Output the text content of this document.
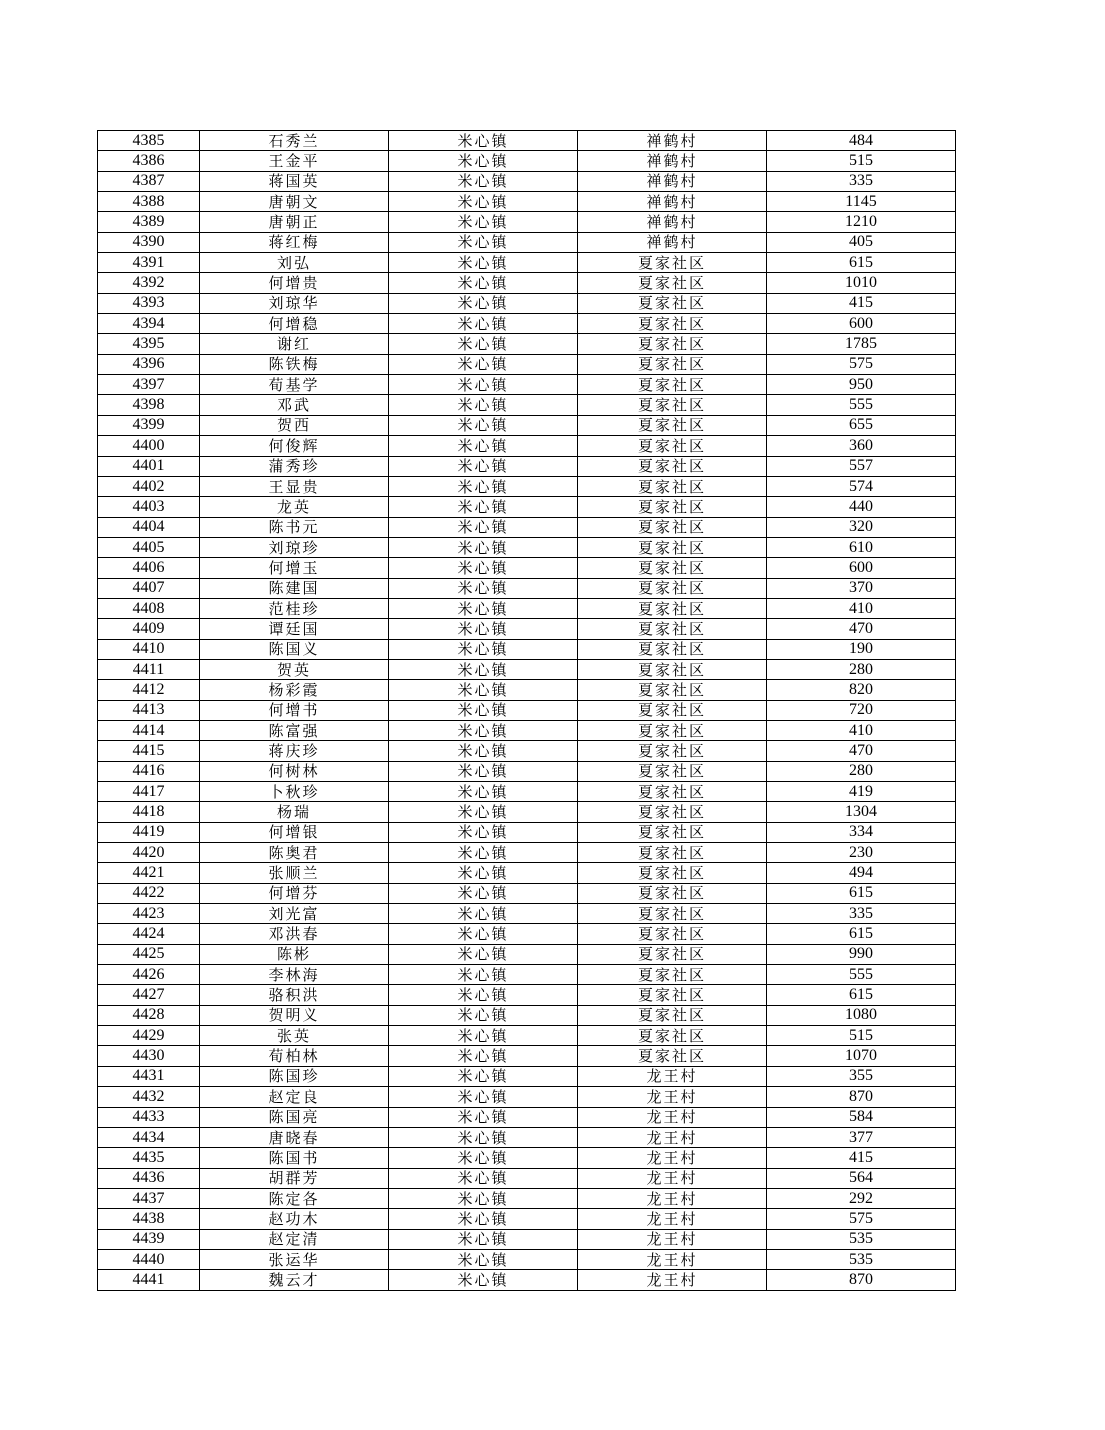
4385	石秀兰	米心镇	禅鹤村	484
4386	王金平	米心镇	禅鹤村	515
4387	蒋国英	米心镇	禅鹤村	335
4388	唐朝文	米心镇	禅鹤村	1145
4389	唐朝正	米心镇	禅鹤村	1210
4390	蒋红梅	米心镇	禅鹤村	405
4391	刘弘	米心镇	夏家社区	615
4392	何增贵	米心镇	夏家社区	1010
4393	刘琼华	米心镇	夏家社区	415
4394	何增稳	米心镇	夏家社区	600
4395	谢红	米心镇	夏家社区	1785
4396	陈铁梅	米心镇	夏家社区	575
4397	荀基学	米心镇	夏家社区	950
4398	邓武	米心镇	夏家社区	555
4399	贺西	米心镇	夏家社区	655
4400	何俊辉	米心镇	夏家社区	360
4401	蒲秀珍	米心镇	夏家社区	557
4402	王显贵	米心镇	夏家社区	574
4403	龙英	米心镇	夏家社区	440
4404	陈书元	米心镇	夏家社区	320
4405	刘琼珍	米心镇	夏家社区	610
4406	何增玉	米心镇	夏家社区	600
4407	陈建国	米心镇	夏家社区	370
4408	范桂珍	米心镇	夏家社区	410
4409	谭廷国	米心镇	夏家社区	470
4410	陈国义	米心镇	夏家社区	190
4411	贺英	米心镇	夏家社区	280
4412	杨彩霞	米心镇	夏家社区	820
4413	何增书	米心镇	夏家社区	720
4414	陈富强	米心镇	夏家社区	410
4415	蒋庆珍	米心镇	夏家社区	470
4416	何树林	米心镇	夏家社区	280
4417	卜秋珍	米心镇	夏家社区	419
4418	杨瑞	米心镇	夏家社区	1304
4419	何增银	米心镇	夏家社区	334
4420	陈奥君	米心镇	夏家社区	230
4421	张顺兰	米心镇	夏家社区	494
4422	何增芬	米心镇	夏家社区	615
4423	刘光富	米心镇	夏家社区	335
4424	邓洪春	米心镇	夏家社区	615
4425	陈彬	米心镇	夏家社区	990
4426	李林海	米心镇	夏家社区	555
4427	骆积洪	米心镇	夏家社区	615
4428	贺明义	米心镇	夏家社区	1080
4429	张英	米心镇	夏家社区	515
4430	荀柏林	米心镇	夏家社区	1070
4431	陈国珍	米心镇	龙王村	355
4432	赵定良	米心镇	龙王村	870
4433	陈国亮	米心镇	龙王村	584
4434	唐晓春	米心镇	龙王村	377
4435	陈国书	米心镇	龙王村	415
4436	胡群芳	米心镇	龙王村	564
4437	陈定各	米心镇	龙王村	292
4438	赵功木	米心镇	龙王村	575
4439	赵定清	米心镇	龙王村	535
4440	张运华	米心镇	龙王村	535
4441	魏云才	米心镇	龙王村	870
